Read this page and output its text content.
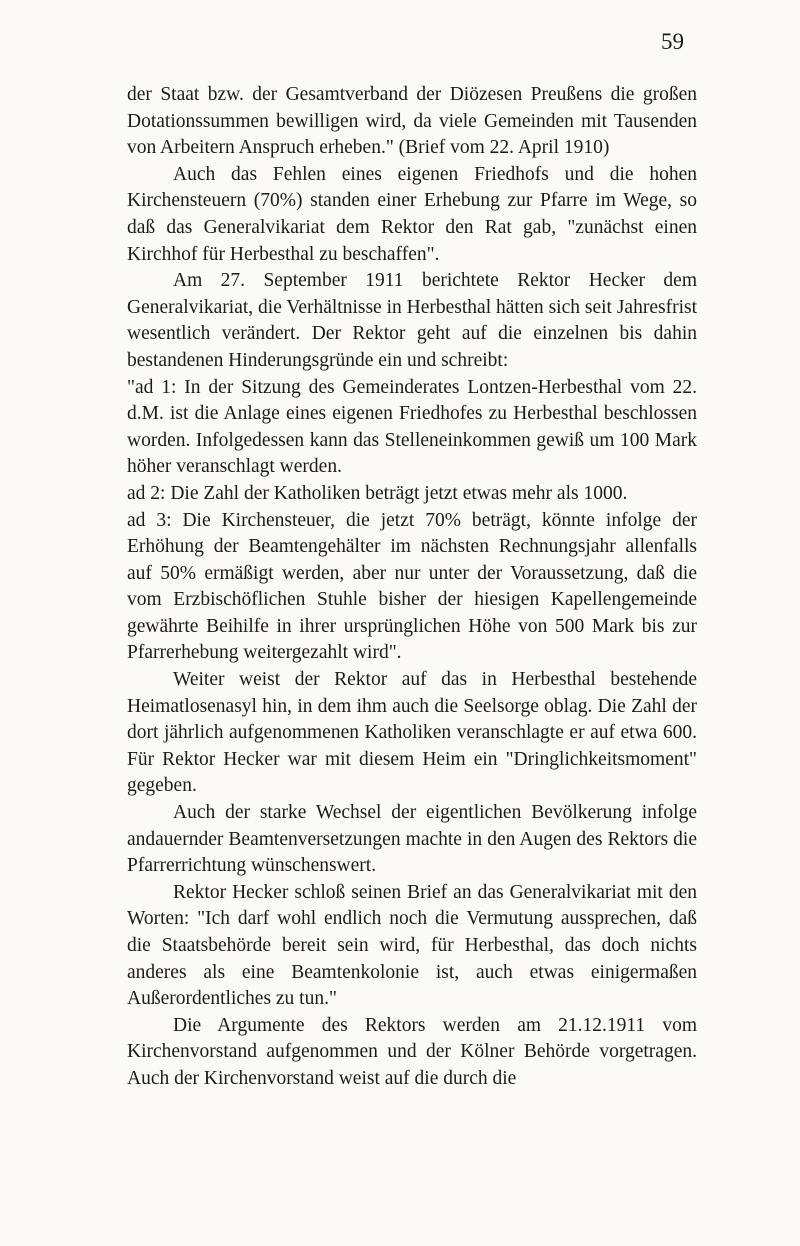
59

der Staat bzw. der Gesamtverband der Diözesen Preußens die großen Dotationssummen bewilligen wird, da viele Gemeinden mit Tausenden von Arbeitern Anspruch erheben." (Brief vom 22. April 1910)

Auch das Fehlen eines eigenen Friedhofs und die hohen Kirchensteuern (70%) standen einer Erhebung zur Pfarre im Wege, so daß das Generalvikariat dem Rektor den Rat gab, "zunächst einen Kirchhof für Herbesthal zu beschaffen".

Am 27. September 1911 berichtete Rektor Hecker dem Generalvikariat, die Verhältnisse in Herbesthal hätten sich seit Jahresfrist wesentlich verändert. Der Rektor geht auf die einzelnen bis dahin bestandenen Hinderungsgründe ein und schreibt:

"ad 1: In der Sitzung des Gemeinderates Lontzen-Herbesthal vom 22. d.M. ist die Anlage eines eigenen Friedhofes zu Herbesthal beschlossen worden. Infolgedessen kann das Stelleneinkommen gewiß um 100 Mark höher veranschlagt werden.

ad 2: Die Zahl der Katholiken beträgt jetzt etwas mehr als 1000.

ad 3: Die Kirchensteuer, die jetzt 70% beträgt, könnte infolge der Erhöhung der Beamtengehälter im nächsten Rechnungsjahr allenfalls auf 50% ermäßigt werden, aber nur unter der Voraussetzung, daß die vom Erzbischöflichen Stuhle bisher der hiesigen Kapellengemeinde gewährte Beihilfe in ihrer ursprünglichen Höhe von 500 Mark bis zur Pfarrerhebung weitergezahlt wird".

Weiter weist der Rektor auf das in Herbesthal bestehende Heimatlosenasyl hin, in dem ihm auch die Seelsorge oblag. Die Zahl der dort jährlich aufgenommenen Katholiken veranschlagte er auf etwa 600. Für Rektor Hecker war mit diesem Heim ein "Dringlichkeitsmoment" gegeben.

Auch der starke Wechsel der eigentlichen Bevölkerung infolge andauernder Beamtenversetzungen machte in den Augen des Rektors die Pfarrerrichtung wünschenswert.

Rektor Hecker schloß seinen Brief an das Generalvikariat mit den Worten: "Ich darf wohl endlich noch die Vermutung aussprechen, daß die Staatsbehörde bereit sein wird, für Herbesthal, das doch nichts anderes als eine Beamtenkolonie ist, auch etwas einigermaßen Außerordentliches zu tun."

Die Argumente des Rektors werden am 21.12.1911 vom Kirchenvorstand aufgenommen und der Kölner Behörde vorgetragen. Auch der Kirchenvorstand weist auf die durch die
